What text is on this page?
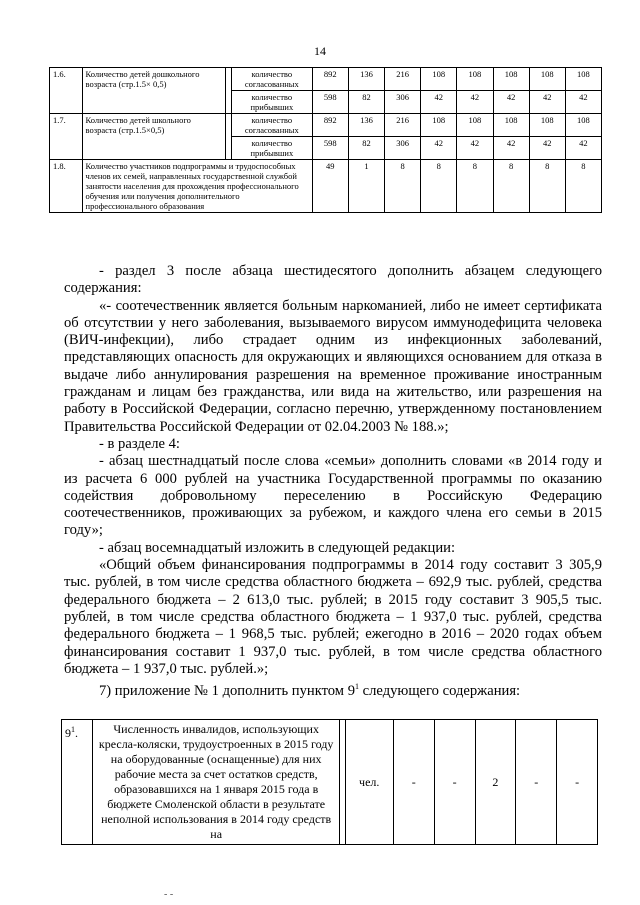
14
1.6.	Количество детей дошкольного возраста (стр.1.5× 0,5)		количество согласованных	892	136	216	108	108	108	108	108
			количество прибывших	598	82	306	42	42	42	42	42
1.7.	Количество детей школьного возраста (стр.1.5×0,5)		количество согласованных	892	136	216	108	108	108	108	108
			количество прибывших	598	82	306	42	42	42	42	42
1.8.	Количество участников подпрограммы и трудоспособных членов их семей, направленных государственной службой занятости населения для прохождения профессионального обучения или получения дополнительного профессионального образования			49	1	8	8	8	8	8	8

- раздел 3 после абзаца шестидесятого дополнить абзацем следующего содержания:

«- соотечественник является больным наркоманией, либо не имеет сертификата об отсутствии у него заболевания, вызываемого вирусом иммунодефицита человека (ВИЧ-инфекции), либо страдает одним из инфекционных заболеваний, представляющих опасность для окружающих и являющихся основанием для отказа в выдаче либо аннулирования разрешения на временное проживание иностранным гражданам и лицам без гражданства, или вида на жительство, или разрешения на работу в Российской Федерации, согласно перечню, утвержденному постановлением Правительства Российской Федерации от 02.04.2003 № 188.»;

- в разделе 4:

- абзац шестнадцатый после слова «семьи» дополнить словами «в 2014 году и из расчета 6 000 рублей на участника Государственной программы по оказанию содействия добровольному переселению в Российскую Федерацию соотечественников, проживающих за рубежом, и каждого члена его семьи в 2015 году»;

- абзац восемнадцатый изложить в следующей редакции:

«Общий объем финансирования подпрограммы в 2014 году составит 3 305,9 тыс. рублей, в том числе средства областного бюджета – 692,9 тыс. рублей, средства федерального бюджета – 2 613,0 тыс. рублей; в 2015 году составит 3 905,5 тыс. рублей, в том числе средства областного бюджета – 1 937,0 тыс. рублей, средства федерального бюджета – 1 968,5 тыс. рублей; ежегодно в 2016 – 2020 годах объем финансирования составит 1 937,0 тыс. рублей, в том числе средства областного бюджета – 1 937,0 тыс. рублей.»;

7) приложение № 1 дополнить пунктом $9^1$ следующего содержания:

$9^1$.	Численность инвалидов, использующих кресла-коляски, трудоустроенных в 2015 году на оборудованные (оснащенные) для них рабочие места за счет остатков средств, образовавшихся на 1 января 2015 года в бюджете Смоленской области в результате неполной использования в 2014 году средств на		чел.	-	-	2	-	-
- -
